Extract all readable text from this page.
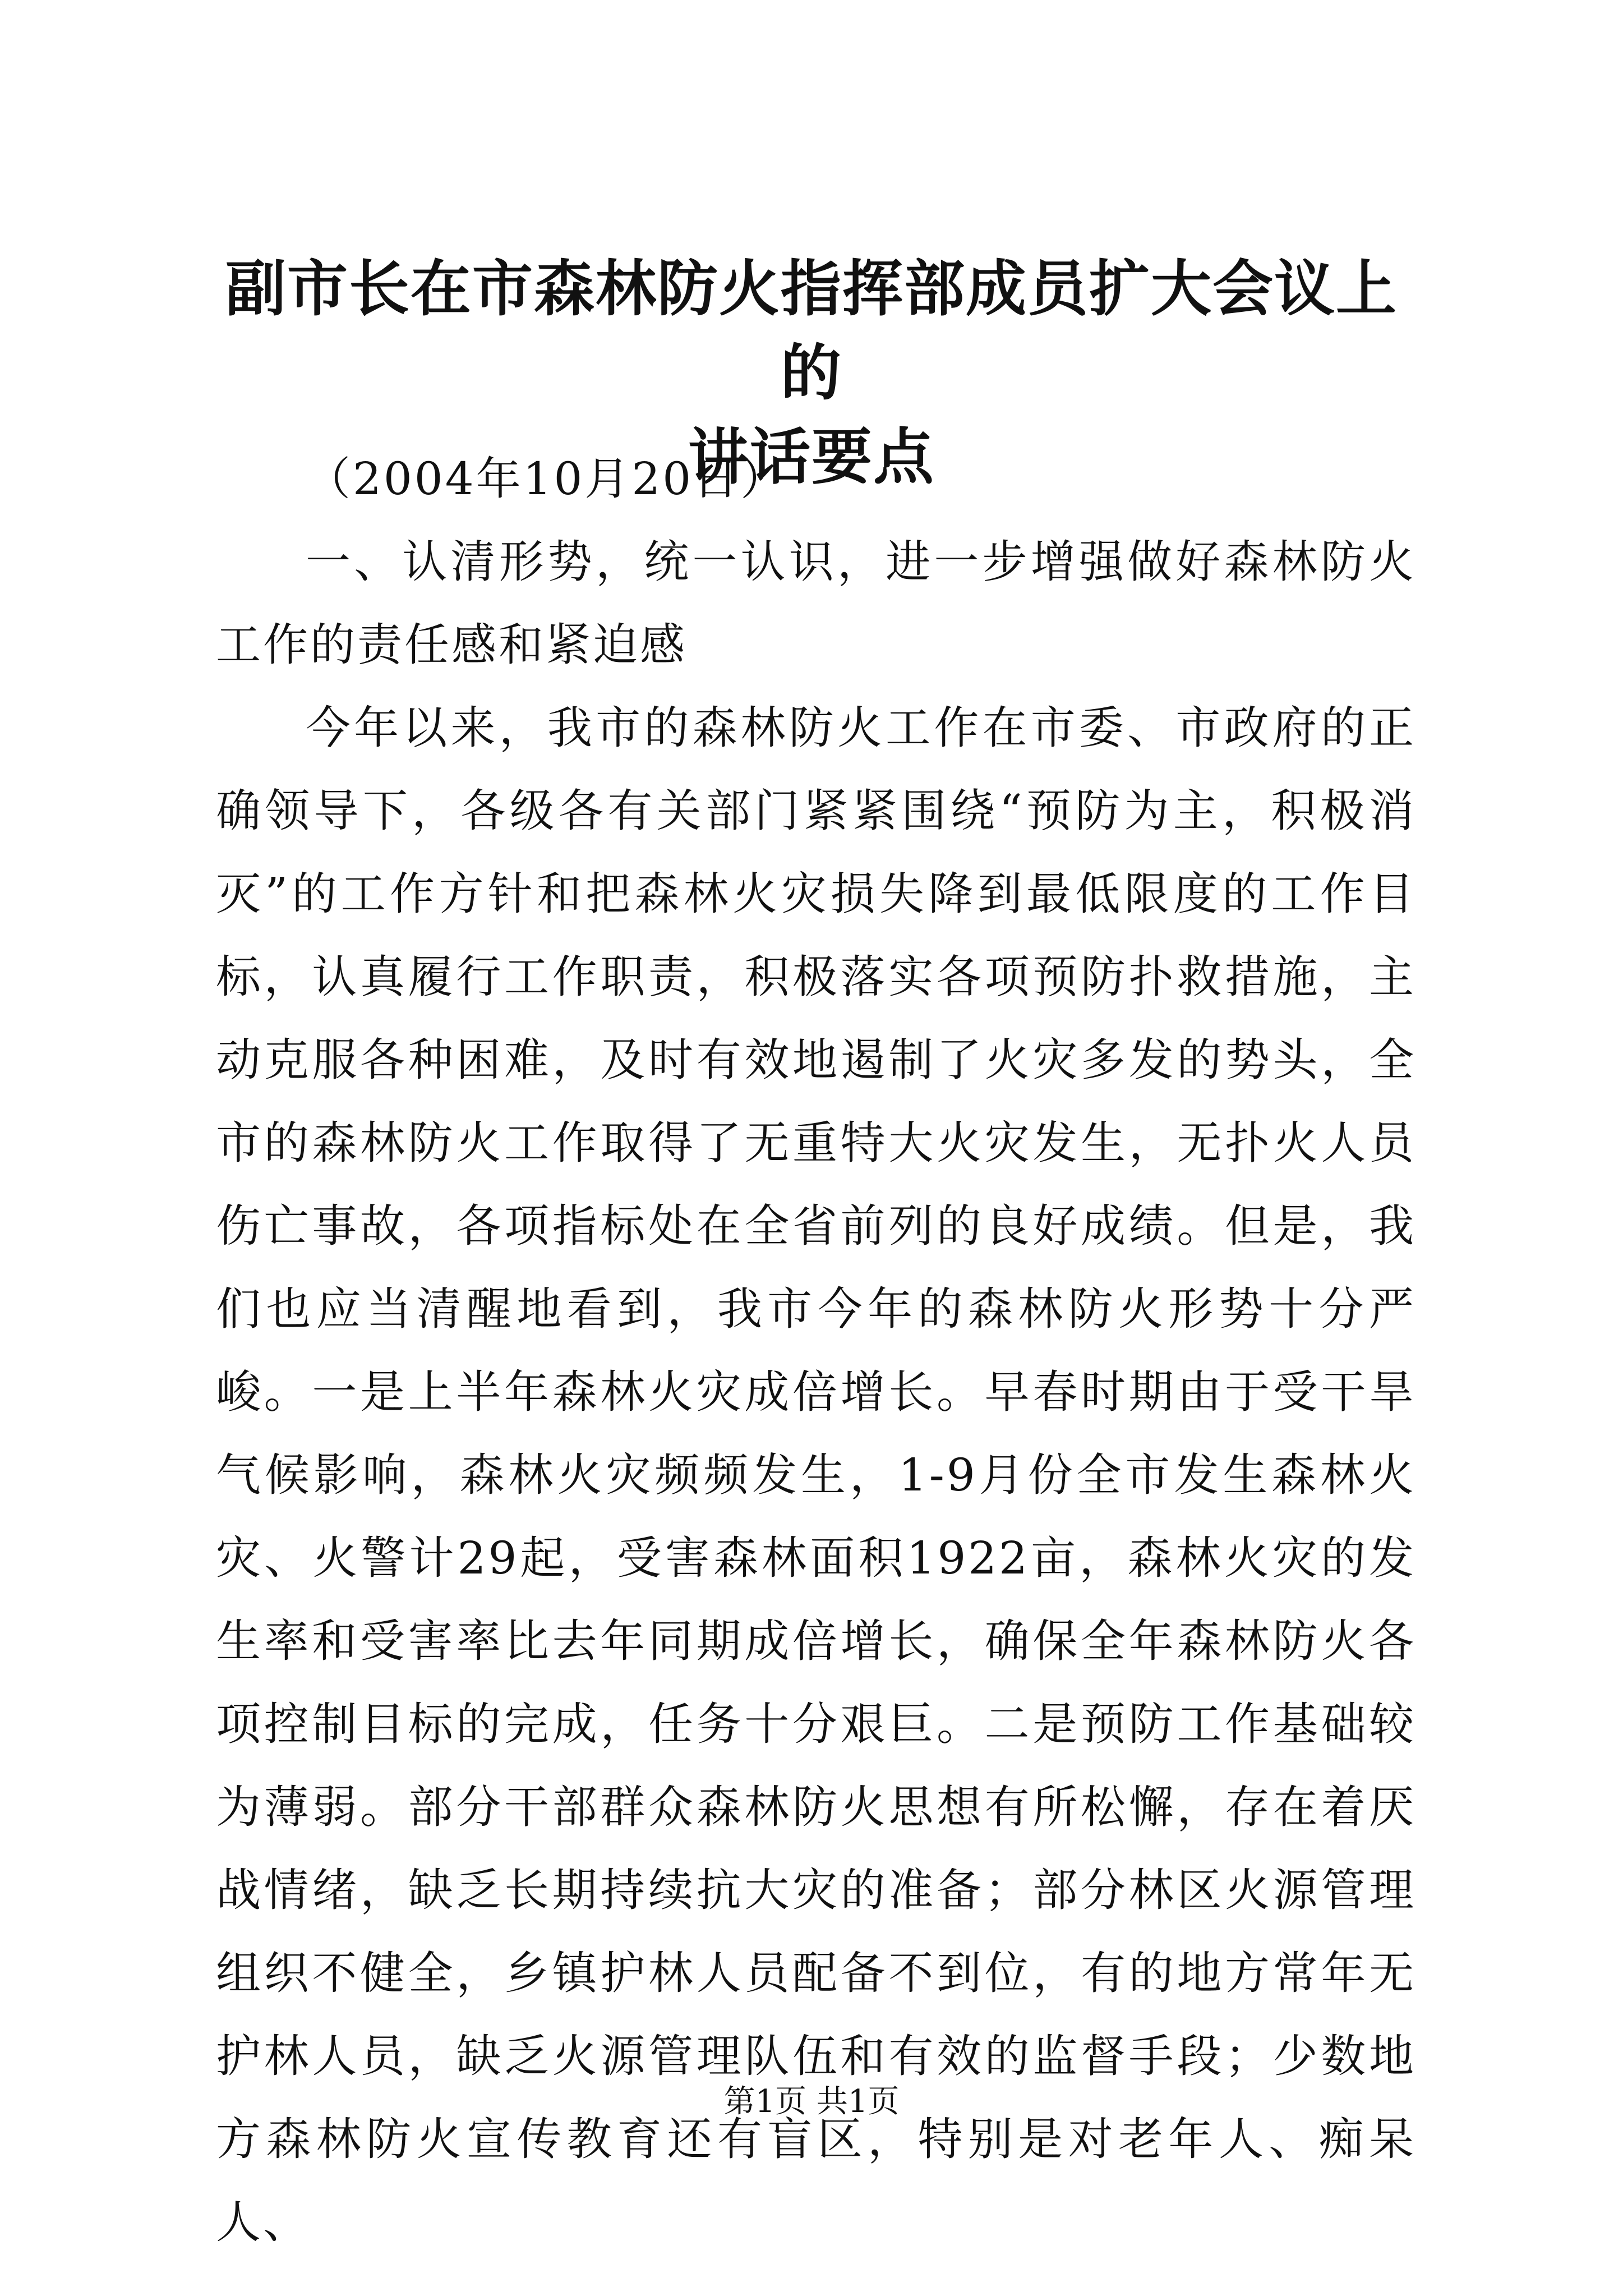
副市长在市森林防火指挥部成员扩大会议上的
讲话要点

（2004年10月20日）

一、认清形势，统一认识，进一步增强做好森林防火工作的责任感和紧迫感

今年以来，我市的森林防火工作在市委、市政府的正确领导下，各级各有关部门紧紧围绕“预防为主，积极消灭”的工作方针和把森林火灾损失降到最低限度的工作目标，认真履行工作职责，积极落实各项预防扑救措施，主动克服各种困难，及时有效地遏制了火灾多发的势头，全市的森林防火工作取得了无重特大火灾发生，无扑火人员伤亡事故，各项指标处在全省前列的良好成绩。但是，我们也应当清醒地看到，我市今年的森林防火形势十分严峻。一是上半年森林火灾成倍增长。早春时期由于受干旱气候影响，森林火灾频频发生，1-9月份全市发生森林火灾、火警计29起，受害森林面积1922亩，森林火灾的发生率和受害率比去年同期成倍增长，确保全年森林防火各项控制目标的完成，任务十分艰巨。二是预防工作基础较为薄弱。部分干部群众森林防火思想有所松懈，存在着厌战情绪，缺乏长期持续抗大灾的准备；部分林区火源管理组织不健全，乡镇护林人员配备不到位，有的地方常年无护林人员，缺乏火源管理队伍和有效的监督手段；少数地方森林防火宣传教育还有盲区，特别是对老年人、痴呆人、

第1页 共1页
